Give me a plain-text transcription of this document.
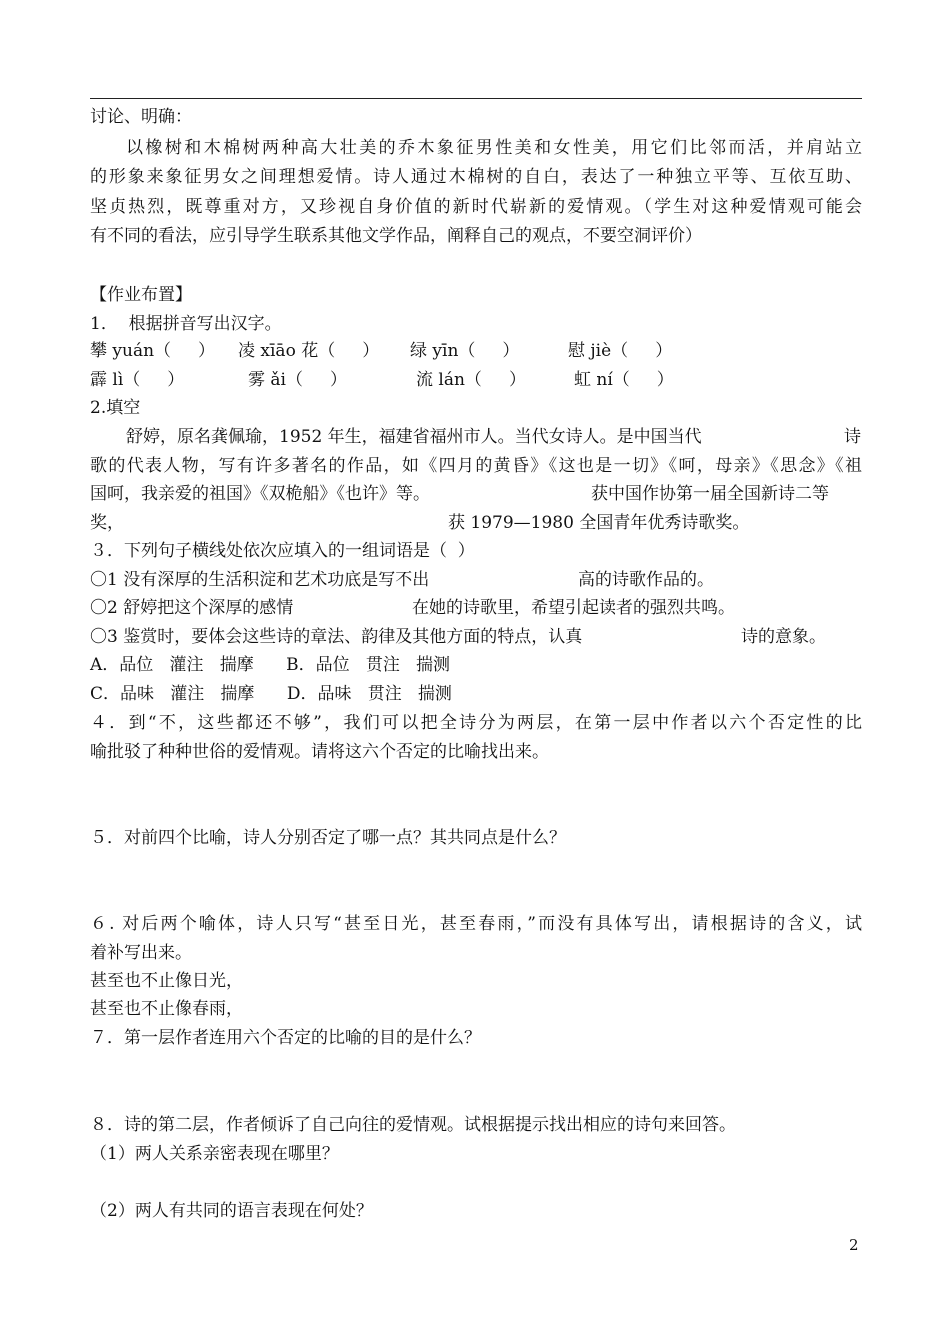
讨论、明确：
以橡树和木棉树两种高大壮美的乔木象征男性美和女性美，用它们比邻而活，并肩站立
的形象来象征男女之间理想爱情。诗人通过木棉树的自白，表达了一种独立平等、互依互助、
坚贞热烈，既尊重对方，又珍视自身价值的新时代崭新的爱情观。（学生对这种爱情观可能会
有不同的看法，应引导学生联系其他文学作品，阐释自己的观点，不要空洞评价）
【作业布置】
1．  根据拼音写出汉字。
攀 yuán（     ） 凌 xīāo 花（     ） 绿 yīn（     ）	慰 jiè（     ）
霹 lì（     ）	雾 ǎi（     ）	流 lán（     ）	虹 ní（     ）
2.填空
舒婷，原名龚佩瑜，1952 年生，福建省福州市人。当代女诗人。是中国当代	诗
歌的代表人物，写有许多著名的作品，如《四月的黄昏》《这也是一切》《呵，母亲》《思念》《祖
国呵，我亲爱的祖国》《双桅船》《也许》等。	获中国作协第一届全国新诗二等
奖，	获 1979—1980 全国青年优秀诗歌奖。
３．下列句子横线处依次应填入的一组词语是（  ）
〇1 没有深厚的生活积淀和艺术功底是写不出	高的诗歌作品的。
〇2 舒婷把这个深厚的感情	在她的诗歌里，希望引起读者的强烈共鸣。
〇3 鉴赏时，要体会这些诗的章法、韵律及其他方面的特点，认真	诗的意象。
A．品位   灌注   揣摩      B．品位   贯注   揣测
C．品味   灌注   揣摩      D．品味   贯注   揣测
４．到“不，这些都还不够”，我们可以把全诗分为两层，在第一层中作者以六个否定性的比
喻批驳了种种世俗的爱情观。请将这六个否定的比喻找出来。
５．对前四个比喻，诗人分别否定了哪一点？其共同点是什么？
６. 对后两个喻体，诗人只写“甚至日光，甚至春雨，”而没有具体写出，请根据诗的含义，试
着补写出来。
甚至也不止像日光，
甚至也不止像春雨，
７．第一层作者连用六个否定的比喻的目的是什么？
８．诗的第二层，作者倾诉了自己向往的爱情观。试根据提示找出相应的诗句来回答。
（1）两人关系亲密表现在哪里？
（2）两人有共同的语言表现在何处？
2
